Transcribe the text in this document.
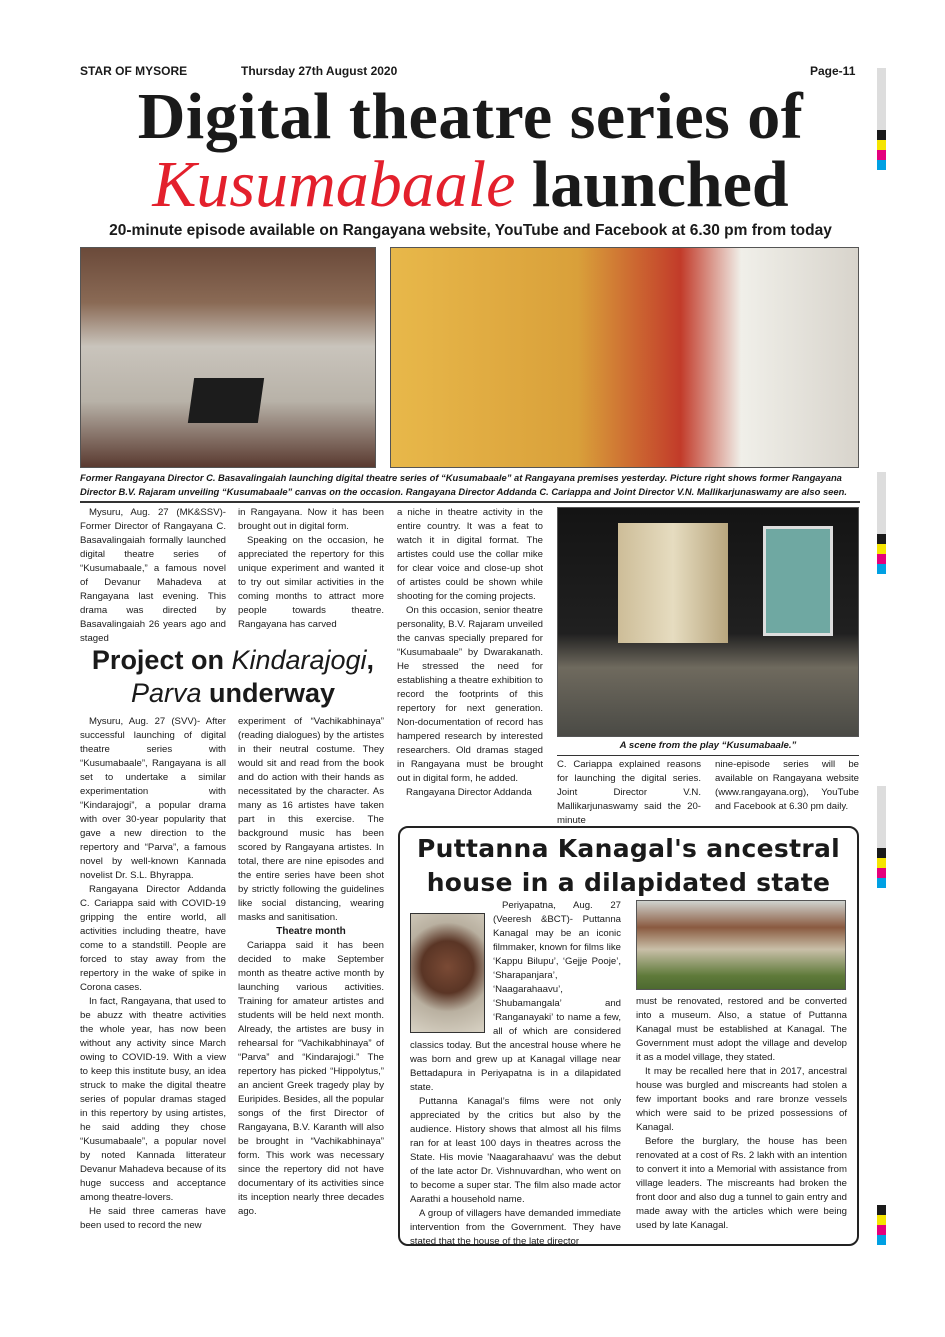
STAR OF MYSORE	Thursday 27th August 2020	Page-11
Digital theatre series of
Kusumabaale launched
20-minute episode available on Rangayana website, YouTube and Facebook at 6.30 pm from today
Former Rangayana Director C. Basavalingaiah launching digital theatre series of “Kusumabaale” at Rangayana premises yesterday. Picture right shows former Rangayana Director B.V. Rajaram unveiling “Kusumabaale” canvas on the occasion. Rangayana Director Addanda C. Cariappa and Joint Director V.N. Mallikarjunaswamy are also seen.

Mysuru, Aug. 27 (MK&SSV)- Former Director of Rangayana C. Basavalingaiah formally launched digital theatre series of “Kusumabaale,” a famous novel of Devanur Mahadeva at Rangayana last evening. This drama was directed by Basavalingaiah 26 years ago and staged

in Rangayana. Now it has been brought out in digital form.

Speaking on the occasion, he appreciated the repertory for this unique experiment and wanted it to try out similar activities in the coming months to attract more people towards theatre. Rangayana has carved

a niche in theatre activity in the entire country. It was a feat to watch it in digital format. The artistes could use the collar mike for clear voice and close-up shot of artistes could be shown while shooting for the coming projects.

On this occasion, senior theatre personality, B.V. Rajaram unveiled the canvas specially prepared for “Kusumabaale” by Dwarakanath. He stressed the need for establishing a theatre exhibition to record the footprints of this repertory for next generation. Non-documentation of record has hampered research by interested researchers. Old dramas staged in Rangayana must be brought out in digital form, he added.

Rangayana Director Addanda

A scene from the play “Kusumabaale.”

C. Cariappa explained reasons for launching the digital series. Joint Director V.N. Mallikarjunaswamy said the 20-minute

nine-episode series will be available on Rangayana website (www.rangayana.org), YouTube and Facebook at 6.30 pm daily.

Project on Kindarajogi,
Parva underway

Mysuru, Aug. 27 (SVV)- After successful launching of digital theatre series with “Kusumabaale”, Rangayana is all set to undertake a similar experimentation with “Kindarajogi”, a popular drama with over 30-year popularity that gave a new direction to the repertory and “Parva”, a famous novel by well-known Kannada novelist Dr. S.L. Bhyrappa.

Rangayana Director Addanda C. Cariappa said with COVID-19 gripping the entire world, all activities including theatre, have come to a standstill. People are forced to stay away from the repertory in the wake of spike in Corona cases.

In fact, Rangayana, that used to be abuzz with theatre activities the whole year, has now been without any activity since March owing to COVID-19. With a view to keep this institute busy, an idea struck to make the digital theatre series of popular dramas staged in this repertory by using artistes, he said adding they chose “Kusumabaale”, a popular novel by noted Kannada litterateur Devanur Mahadeva because of its huge success and acceptance among theatre-lovers.

He said three cameras have been used to record the new

experiment of “Vachikabhinaya” (reading dialogues) by the artistes in their neutral costume. They would sit and read from the book and do action with their hands as necessitated by the character. As many as 16 artistes have taken part in this exercise. The background music has been scored by Rangayana artistes. In total, there are nine episodes and the entire series have been shot by strictly following the guidelines like social distancing, wearing masks and sanitisation.

Theatre month

Cariappa said it has been decided to make September month as theatre active month by launching various activities. Training for amateur artistes and students will be held next month. Already, the artistes are busy in rehearsal for “Vachikabhinaya” of “Parva” and “Kindarajogi.” The repertory has picked “Hippolytus,” an ancient Greek tragedy play by Euripides. Besides, all the popular songs of the first Director of Rangayana, B.V. Karanth will also be brought in “Vachikabhinaya” form. This work was necessary since the repertory did not have documentary of its activities since its inception nearly three decades ago.

Puttanna Kanagal's ancestral
house in a dilapidated state

Periyapatna, Aug. 27 (Veeresh &BCT)- Puttanna Kanagal may be an iconic filmmaker, known for films like ‘Kappu Bilupu’, ‘Gejje Pooje’, ‘Sharapanjara’, ‘Naagarahaavu’, ‘Shubamangala’ and ‘Ranganayaki’ to name a few, all of which are considered classics today. But the ancestral house where he was born and grew up at Kanagal village near Bettadapura in Periyapatna is in a dilapidated state.

Puttanna Kanagal’s films were not only appreciated by the critics but also by the audience. History shows that almost all his films ran for at least 100 days in theatres across the State. His movie 'Naagarahaavu' was the debut of the late actor Dr. Vishnuvardhan, who went on to become a super star. The film also made actor Aarathi a household name.

A group of villagers have demanded immediate intervention from the Government. They have stated that the house of the late director

must be renovated, restored and be converted into a museum. Also, a statue of Puttanna Kanagal must be established at Kanagal. The Government must adopt the village and develop it as a model village, they stated.

It may be recalled here that in 2017, ancestral house was burgled and miscreants had stolen a few important books and rare bronze vessels which were said to be prized possessions of Kanagal.

Before the burglary, the house has been renovated at a cost of Rs. 2 lakh with an intention to convert it into a Memorial with assistance from village leaders. The miscreants had broken the front door and also dug a tunnel to gain entry and made away with the articles which were being used by late Kanagal.
